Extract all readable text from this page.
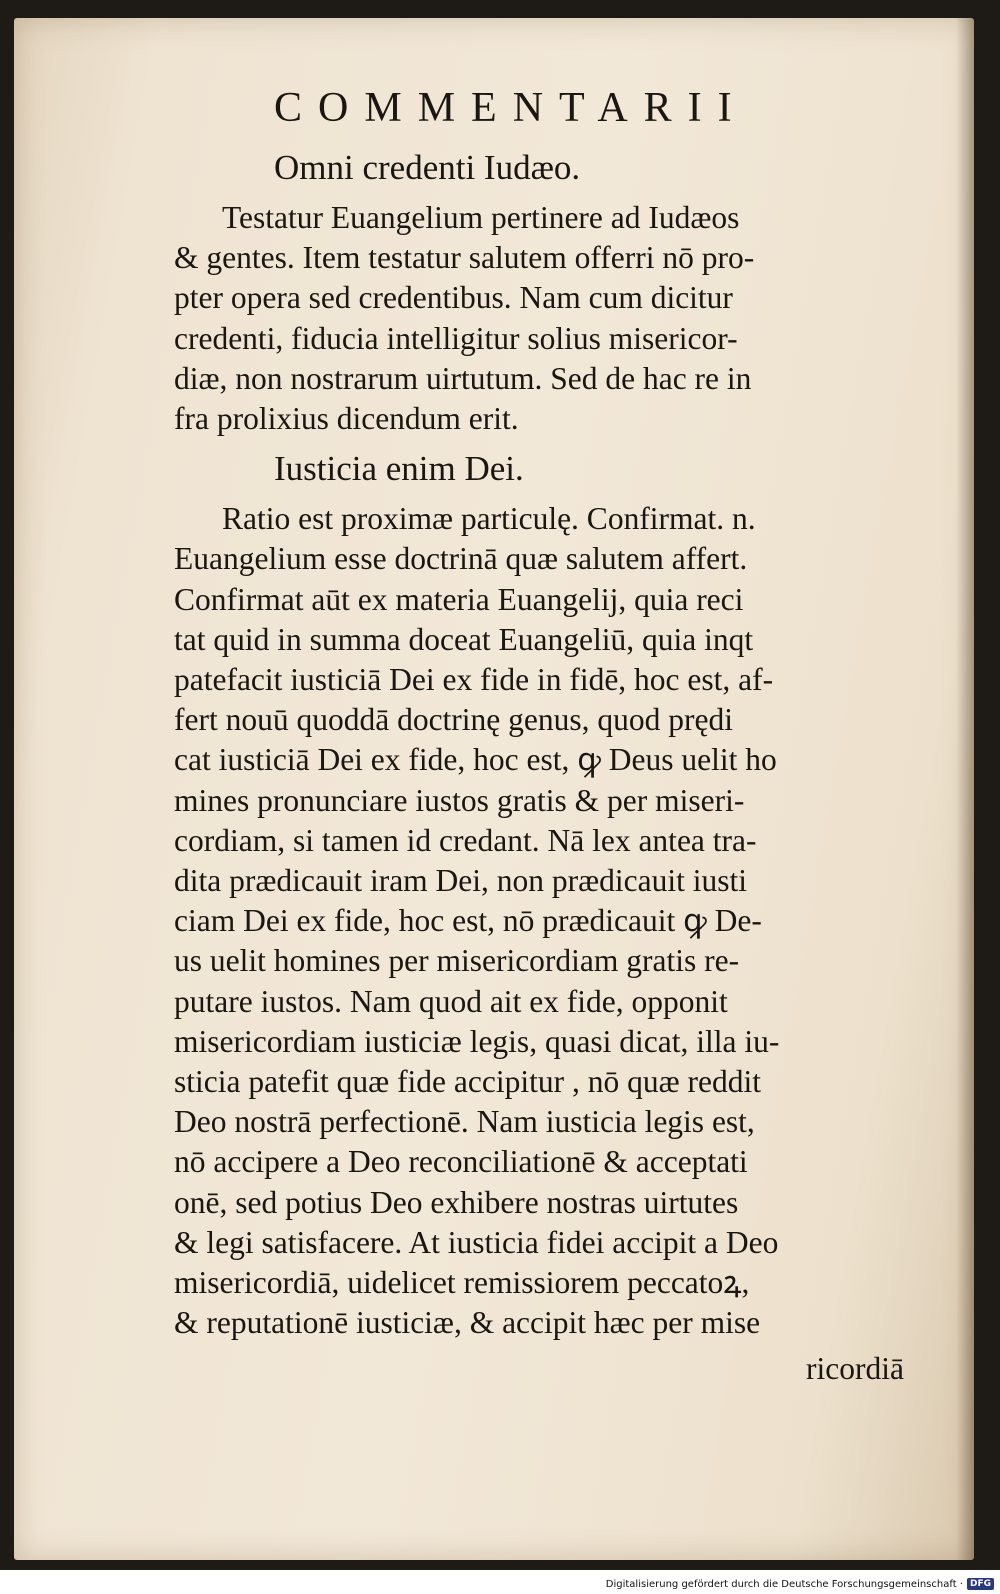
COMMENTARII
Omni credenti Iudæo.
Testatur Euangelium pertinere ad Iudæos
& gentes. Item testatur salutem offerri nō pro-
pter opera sed credentibus. Nam cum dicitur
credenti, fiducia intelligitur solius misericor-
diæ, non nostrarum uirtutum. Sed de hac re in
fra prolixius dicendum erit.
Iusticia enim Dei.
Ratio est proximæ particulę. Confirmat. n.
Euangelium esse doctrinā quæ salutem affert.
Confirmat aūt ex materia Euangelij, quia reci
tat quid in summa doceat Euangeliū, quia inqt
patefacit iusticiā Dei ex fide in fidē, hoc est, af-
fert nouū quoddā doctrinę genus, quod prędi
cat iusticiā Dei ex fide, hoc est, ꝙ Deus uelit ho
mines pronunciare iustos gratis & per miseri-
cordiam, si tamen id credant. Nā lex antea tra-
dita prædicauit iram Dei, non prædicauit iusti
ciam Dei ex fide, hoc est, nō prædicauit ꝙ De-
us uelit homines per misericordiam gratis re-
putare iustos. Nam quod ait ex fide, opponit
misericordiam iusticiæ legis, quasi dicat, illa iu-
sticia patefit quæ fide accipitur , nō quæ reddit
Deo nostrā perfectionē. Nam iusticia legis est,
nō accipere a Deo reconciliationē & acceptati
onē, sed potius Deo exhibere nostras uirtutes
& legi satisfacere. At iusticia fidei accipit a Deo
misericordiā, uidelicet remissiorem peccatoꝝ,
& reputationē iusticiæ, & accipit hæc per mise
ricordiā
Digitalisierung gefördert durch die Deutsche Forschungsgemeinschaft · DFG
